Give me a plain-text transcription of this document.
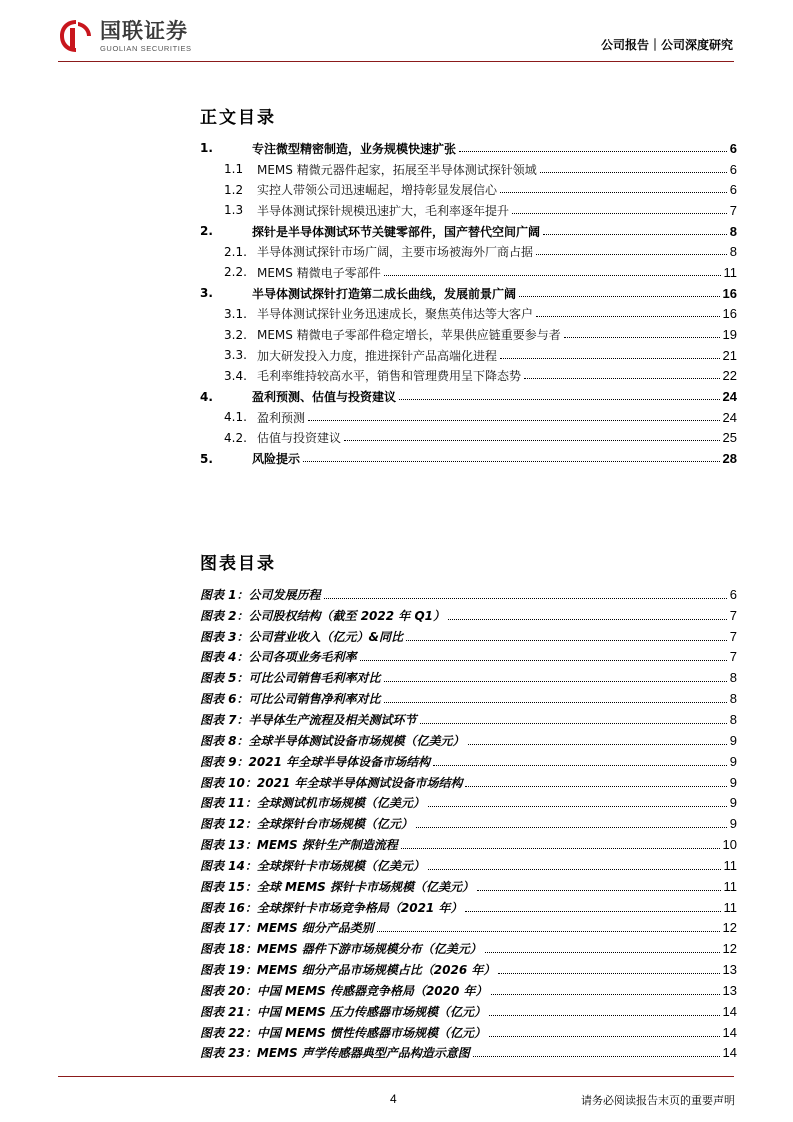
国联证券
GUOLIAN SECURITIES	公司报告｜公司深度研究
正文目录
1.	专注微型精密制造，业务规模快速扩张	6
1.1	MEMS 精微元器件起家，拓展至半导体测试探针领域	6
1.2	实控人带领公司迅速崛起，增持彰显发展信心	6
1.3	半导体测试探针规模迅速扩大，毛利率逐年提升	7
2.	探针是半导体测试环节关键零部件，国产替代空间广阔	8
2.1. 半导体测试探针市场广阔，主要市场被海外厂商占据	8
2.2. MEMS 精微电子零部件	11
3.	半导体测试探针打造第二成长曲线，发展前景广阔	16
3.1. 半导体测试探针业务迅速成长，聚焦英伟达等大客户	16
3.2. MEMS 精微电子零部件稳定增长，苹果供应链重要参与者	19
3.3. 加大研发投入力度，推进探针产品高端化进程	21
3.4. 毛利率维持较高水平，销售和管理费用呈下降态势	22
4.	盈利预测、估值与投资建议	24
4.1. 盈利预测	24
4.2. 估值与投资建议	25
5.	风险提示	28
图表目录
图表 1：公司发展历程	6
图表 2：公司股权结构（截至 2022 年 Q1）	7
图表 3：公司营业收入（亿元）&同比	7
图表 4：公司各项业务毛利率	7
图表 5：可比公司销售毛利率对比	8
图表 6：可比公司销售净利率对比	8
图表 7：半导体生产流程及相关测试环节	8
图表 8：全球半导体测试设备市场规模（亿美元）	9
图表 9：2021 年全球半导体设备市场结构	9
图表 10：2021 年全球半导体测试设备市场结构	9
图表 11：全球测试机市场规模（亿美元）	9
图表 12：全球探针台市场规模（亿元）	9
图表 13：MEMS 探针生产制造流程	10
图表 14：全球探针卡市场规模（亿美元）	11
图表 15：全球 MEMS 探针卡市场规模（亿美元）	11
图表 16：全球探针卡市场竞争格局（2021 年）	11
图表 17：MEMS 细分产品类别	12
图表 18：MEMS 器件下游市场规模分布（亿美元）	12
图表 19：MEMS 细分产品市场规模占比（2026 年）	13
图表 20：中国 MEMS 传感器竞争格局（2020 年）	13
图表 21：中国 MEMS 压力传感器市场规模（亿元）	14
图表 22：中国 MEMS 惯性传感器市场规模（亿元）	14
图表 23：MEMS 声学传感器典型产品构造示意图	14
4	请务必阅读报告末页的重要声明
